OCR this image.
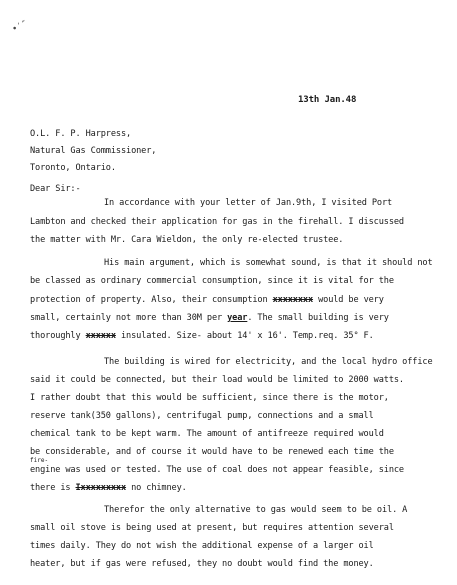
•′″
13th Jan.48
O.L. F. P. Harpress,
Natural Gas Commissioner,
Toronto, Ontario.
Dear Sir:-
In accordance with your letter of Jan.9th, I visited Port
Lambton and checked their application for gas in the firehall. I discussed
the matter with Mr. Cara Wieldon, the only re-elected trustee.
His main argument, which is somewhat sound, is that it should not
be classed as ordinary commercial consumption, since it is vital for the
protection of property. Also, their consumption xxxxxxxx would be very
small, certainly not more than 30M per year. The small building is very
thoroughly xxxxxx insulated. Size- about 14' x 16'. Temp.req. 35° F.
The building is wired for electricity, and the local hydro office
said it could be connected, but their load would be limited to 2000 watts.
I rather doubt that this would be sufficient, since there is the motor,
reserve tank(350 gallons), centrifugal pump, connections and a small
chemical tank to be kept warm. The amount of antifreeze required would
be considerable, and of course it would have to be renewed each time the
fire-
engine was used or tested. The use of coal does not appear feasible, since
there is Ixxxxxxxxx no chimney.
Therefor the only alternative to gas would seem to be oil. A
small oil stove is being used at present, but requires attention several
times daily. They do not wish the additional expense of a larger oil
heater, but if gas were refused, they no doubt would find the money.
